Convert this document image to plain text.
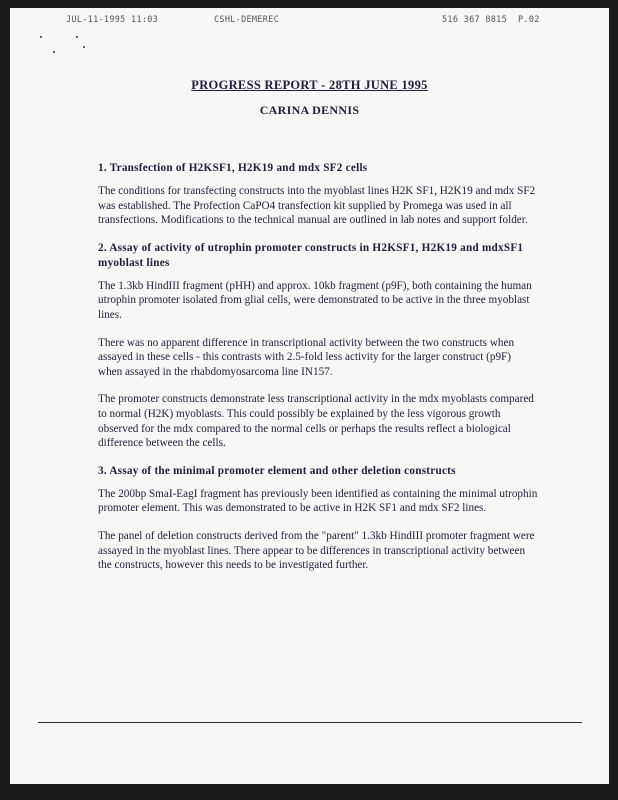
JUL-11-1995 11:03	CSHL-DEMEREC	516 367 8815 P.02
PROGRESS REPORT - 28TH JUNE 1995
CARINA DENNIS
1. Transfection of H2KSF1, H2K19 and mdx SF2 cells

The conditions for transfecting constructs into the myoblast lines H2K SF1, H2K19 and mdx SF2 was established. The Profection CaPO4 transfection kit supplied by Promega was used in all transfections. Modifications to the technical manual are outlined in lab notes and support folder.

2. Assay of activity of utrophin promoter constructs in H2KSF1, H2K19 and mdxSF1 myoblast lines

The 1.3kb HindIII fragment (pHH) and approx. 10kb fragment (p9F), both containing the human utrophin promoter isolated from glial cells, were demonstrated to be active in the three myoblast lines.

There was no apparent difference in transcriptional activity between the two constructs when assayed in these cells - this contrasts with 2.5-fold less activity for the larger construct (p9F) when assayed in the rhabdomyosarcoma line IN157.

The promoter constructs demonstrate less transcriptional activity in the mdx myoblasts compared to normal (H2K) myoblasts. This could possibly be explained by the less vigorous growth observed for the mdx compared to the normal cells or perhaps the results reflect a biological difference between the cells.

3. Assay of the minimal promoter element and other deletion constructs

The 200bp SmaI-EagI fragment has previously been identified as containing the minimal utrophin promoter element. This was demonstrated to be active in H2K SF1 and mdx SF2 lines.

The panel of deletion constructs derived from the "parent" 1.3kb HindIII promoter fragment were assayed in the myoblast lines. There appear to be differences in transcriptional activity between the constructs, however this needs to be investigated further.
